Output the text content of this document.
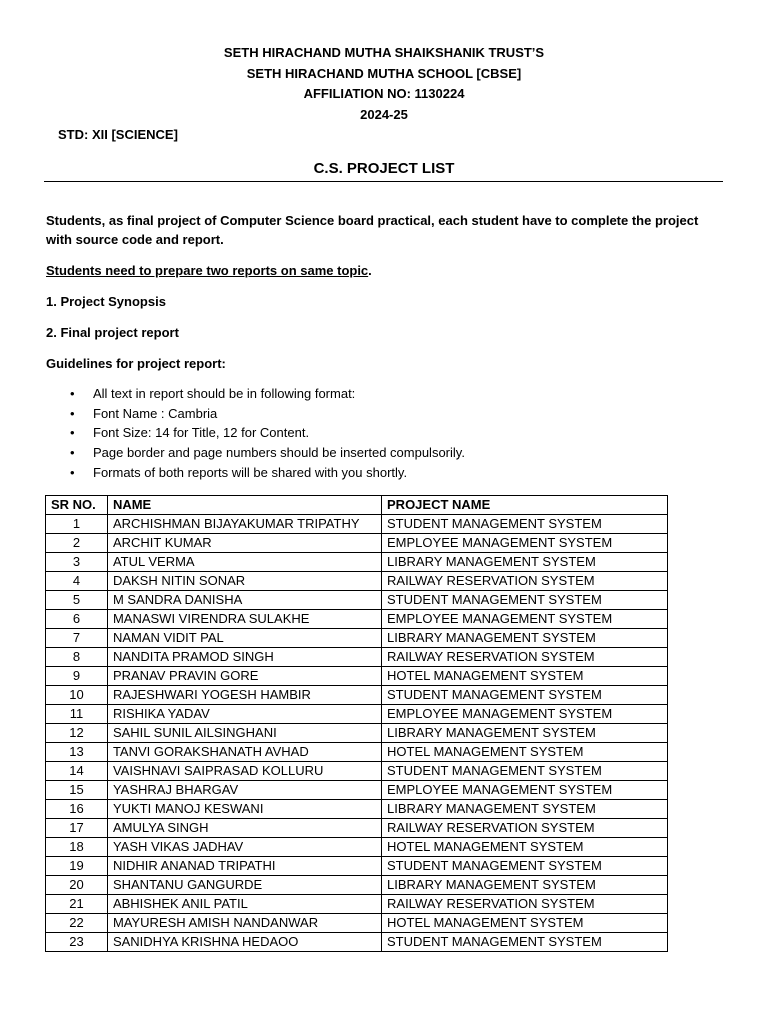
SETH HIRACHAND MUTHA SHAIKSHANIK TRUST’S
SETH HIRACHAND MUTHA SCHOOL [CBSE]
AFFILIATION NO: 1130224
2024-25
STD: XII [SCIENCE]
C.S. PROJECT LIST
Students, as final project of Computer Science board practical, each student have to complete the project with source code and report.
Students need to prepare two reports on same topic.
1. Project Synopsis
2. Final project report
Guidelines for project report:
• All text in report should be in following format:
• Font Name : Cambria
• Font Size: 14 for Title, 12 for Content.
• Page border and page numbers should be inserted compulsorily.
• Formats of both reports will be shared with you shortly.
SR NO.	NAME	PROJECT NAME
1	ARCHISHMAN BIJAYAKUMAR TRIPATHY	STUDENT MANAGEMENT SYSTEM
2	ARCHIT KUMAR	EMPLOYEE MANAGEMENT SYSTEM
3	ATUL VERMA	LIBRARY MANAGEMENT SYSTEM
4	DAKSH NITIN SONAR	RAILWAY RESERVATION SYSTEM
5	M SANDRA DANISHA	STUDENT MANAGEMENT SYSTEM
6	MANASWI VIRENDRA SULAKHE	EMPLOYEE MANAGEMENT SYSTEM
7	NAMAN VIDIT PAL	LIBRARY MANAGEMENT SYSTEM
8	NANDITA PRAMOD SINGH	RAILWAY RESERVATION SYSTEM
9	PRANAV PRAVIN GORE	HOTEL MANAGEMENT SYSTEM
10	RAJESHWARI YOGESH HAMBIR	STUDENT MANAGEMENT SYSTEM
11	RISHIKA YADAV	EMPLOYEE MANAGEMENT SYSTEM
12	SAHIL SUNIL AILSINGHANI	LIBRARY MANAGEMENT SYSTEM
13	TANVI GORAKSHANATH AVHAD	HOTEL MANAGEMENT SYSTEM
14	VAISHNAVI SAIPRASAD KOLLURU	STUDENT MANAGEMENT SYSTEM
15	YASHRAJ BHARGAV	EMPLOYEE MANAGEMENT SYSTEM
16	YUKTI MANOJ KESWANI	LIBRARY MANAGEMENT SYSTEM
17	AMULYA SINGH	RAILWAY RESERVATION SYSTEM
18	YASH VIKAS JADHAV	HOTEL MANAGEMENT SYSTEM
19	NIDHIR ANANAD TRIPATHI	STUDENT MANAGEMENT SYSTEM
20	SHANTANU GANGURDE	LIBRARY MANAGEMENT SYSTEM
21	ABHISHEK ANIL PATIL	RAILWAY RESERVATION SYSTEM
22	MAYURESH AMISH NANDANWAR	HOTEL MANAGEMENT SYSTEM
23	SANIDHYA KRISHNA HEDAOO	STUDENT MANAGEMENT SYSTEM
